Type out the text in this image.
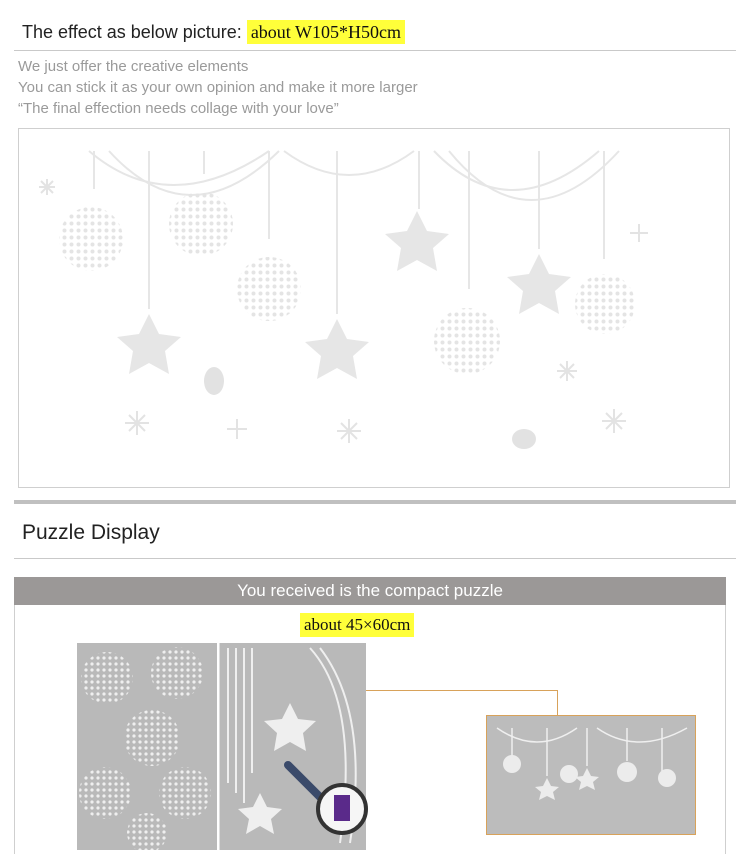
The effect as below picture: about W105*H50cm
We just offer the creative elements
You can stick it as your own opinion and make it more larger
“The final effection needs collage with your love”
Puzzle Display
You received is the compact puzzle
about 45×60cm
